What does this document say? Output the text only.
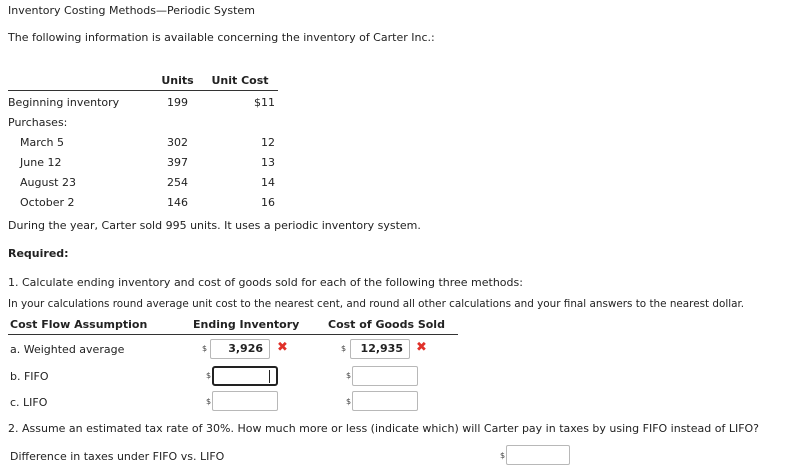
Inventory Costing Methods—Periodic System
The following information is available concerning the inventory of Carter Inc.:
Units	Unit Cost
Beginning inventory	199	$11
Purchases:
March 5	302	12
June 12	397	13
August 23	254	14
October 2	146	16
During the year, Carter sold 995 units. It uses a periodic inventory system.
Required:
1. Calculate ending inventory and cost of goods sold for each of the following three methods:
In your calculations round average unit cost to the nearest cent, and round all other calculations and your final answers to the nearest dollar.
Cost Flow Assumption	Ending Inventory	Cost of Goods Sold
a. Weighted average	$	3,926	✖	$	12,935	✖
b. FIFO	$	$
c. LIFO	$	$
2. Assume an estimated tax rate of 30%. How much more or less (indicate which) will Carter pay in taxes by using FIFO instead of LIFO?
Difference in taxes under FIFO vs. LIFO	$
